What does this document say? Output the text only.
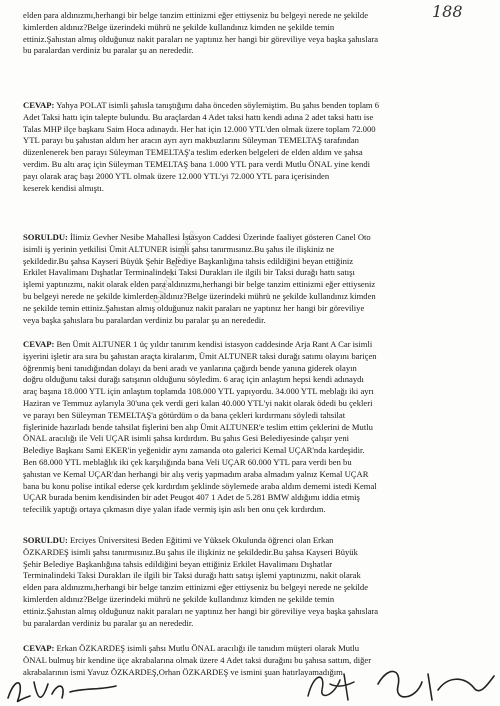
Gazete Pencere
188
elden para aldınızmı,herhangi bir belge tanzim ettinizmi eğer ettiyseniz bu belgeyi nerede ne şekilde
kimlerden aldınız?Belge üzerindeki mührü ne şekilde kullandınız kimden ne şekilde temin
ettiniz.Şahıstan almış olduğunuz nakit paraları ne yaptınız her hangi bir göreviliye veya başka şahıslara
bu paralardan verdiniz bu paralar şu an nerededir.
CEVAP: Yahya POLAT isimli şahısla tanıştığımı daha önceden söylemiştim. Bu şahıs benden toplam 6
Adet Taksi hattı için talepte bulundu. Bu araçlardan 4 Adet taksi hattı kendi adına 2 adet taksi hattı ise
Talas MHP ilçe başkanı Saim Hoca adınaydı. Her hat için 12.000 YTL'den olmak üzere toplam 72.000
YTL parayı bu şahıstan aldım her aracın ayrı ayrı makbuzlarını Süleyman TEMELTAŞ tarafından
düzenlenerek ben parayı Süleyman TEMELTAŞ'a teslim ederken belgeleri de elden aldım ve şahsa
verdim. Bu altı araç için Süleyman TEMELTAŞ bana 1.000 YTL para verdi Mutlu ÖNAL yine kendi
payı olarak araç başı 2000 YTL olmak üzere 12.000 YTL'yi 72.000 YTL para içerisinden
keserek kendisi almıştı.
SORULDU: İlimiz Gevher Nesibe Mahallesi İstasyon Caddesi Üzerinde faaliyet gösteren Canel Oto
isimli iş yerinin yetkilisi Ümit ALTUNER isimli şahsı tanırmısınız.Bu şahıs ile ilişkiniz ne
şekildedir.Bu şahsa Kayseri Büyük Şehir Belediye Başkanlığına tahsis edildiğini beyan ettiğiniz
Erkilet Havalimanı Dışhatlar Terminalindeki Taksi Durakları ile ilgili bir Taksi durağı hattı satışı
işlemi yaptınızmı, nakit olarak elden para aldınızmı,herhangi bir belge tanzim ettinizmi eğer ettiyseniz
bu belgeyi nerede ne şekilde kimlerden aldınız?Belge üzerindeki mührü ne şekilde kullandınız kimden
ne şekilde temin ettiniz.Şahıstan almış olduğunuz nakit paraları ne yaptınız her hangi bir göreviliye
veya başka şahıslara bu paralardan verdiniz bu paralar şu an nerededir.
CEVAP: Ben Ümit ALTUNER 1 üç yıldır tanırım kendisi istasyon caddesinde Arja Rant A Car isimli
işyerini işletir ara sıra bu şahıstan araçta kiralarım, Ümit ALTUNER taksi durağı satımı olayını bariçen
öğrenmiş beni tanıdığından dolayı da beni aradı ve yanlarına çağırdı bende yanına giderek olayın
doğru olduğunu taksi durağı satışının olduğunu söyledim. 6 araç için anlaştım hepsi kendi adınaydı
araç başına 18.000 YTL için anlaştım toplamda 108.000 YTL yapıyordu. 34.000 YTL meblağı iki ayrı
Haziran ve Temmuz aylarıyla 30'una çek verdi geri kalan 40.000 YTL'yi nakit olarak ödedi bu çekleri
ve parayı ben Süleyman TEMELTAŞ'a götürdüm o da bana çekleri kırdırmanı söyledi tahsilat
fişlerinide hazırladı bende tahsilat fişlerini ben alıp Ümit ALTUNER'e teslim ettim çeklerini de Mutlu
ÖNAL aracılığı ile Veli UÇAR isimli şahsa kırdırdım. Bu şahıs Gesi Belediyesinde çalışır yeni
Belediye Başkanı Sami EKER'in yeğenidir aynı zamanda oto galerici Kemal UÇAR'nda kardeşidir.
Ben 68.000 YTL meblağlık iki çek karşılığında bana Veli UÇAR 60.000 YTL para verdi ben bu
şahıstan ve Kemal UÇAR'dan herhangi bir alış veriş yapmadım araba almadım yalnız Kemal UÇAR
bana bu konu polise intikal ederse çek kırdırdım şeklinde söylemede araba aldım dememi istedi Kemal
UÇAR burada benim kendisinden bir adet Peugot 407 1 Adet de 5.281 BMW aldığımı iddia etmiş
tefecilik yaptığı ortaya çıkmasın diye yalan ifade vermiş işin aslı ben onu çek kırdırdım.
SORULDU: Erciyes Üniversitesi Beden Eğitimi ve Yüksek Okulunda öğrenci olan Erkan
ÖZKARDEŞ isimli şahsı tanırmısınız.Bu şahıs ile ilişkiniz ne şekildedir.Bu şahsa Kayseri Büyük
Şehir Belediye Başkanlığına tahsis edildiğini beyan ettiğiniz Erkilet Havalimanı Dışhatlar
Terminalindeki Taksi Durakları ile ilgili bir Taksi durağı hattı satışı işlemi yaptınızmı, nakit olarak
elden para aldınızmı,herhangi bir belge tanzim ettinizmi eğer ettiyseniz bu belgeyi nerede ne şekilde
kimlerden aldınız?Belge üzerindeki mührü ne şekilde kullandınız kimden ne şekilde temin
ettiniz.Şahıstan almış olduğunuz nakit paraları ne yaptınız her hangi bir göreviliye veya başka şahıslara
bu paralardan verdiniz bu paralar şu an nerededir.
CEVAP: Erkan ÖZKARDEŞ isimli şahsı Mutlu ÖNAL aracılığı ile tanıdım müşteri olarak Mutlu
ÖNAL bulmuş bir kendine üçe akrabalarına olmak üzere 4 Adet taksi durağını bu şahısa sattım, diğer
akrabalarının ismi Yavuz ÖZKARDEŞ,Orhan ÖZKARDEŞ ve ismini şuan hatırlayamadığım
